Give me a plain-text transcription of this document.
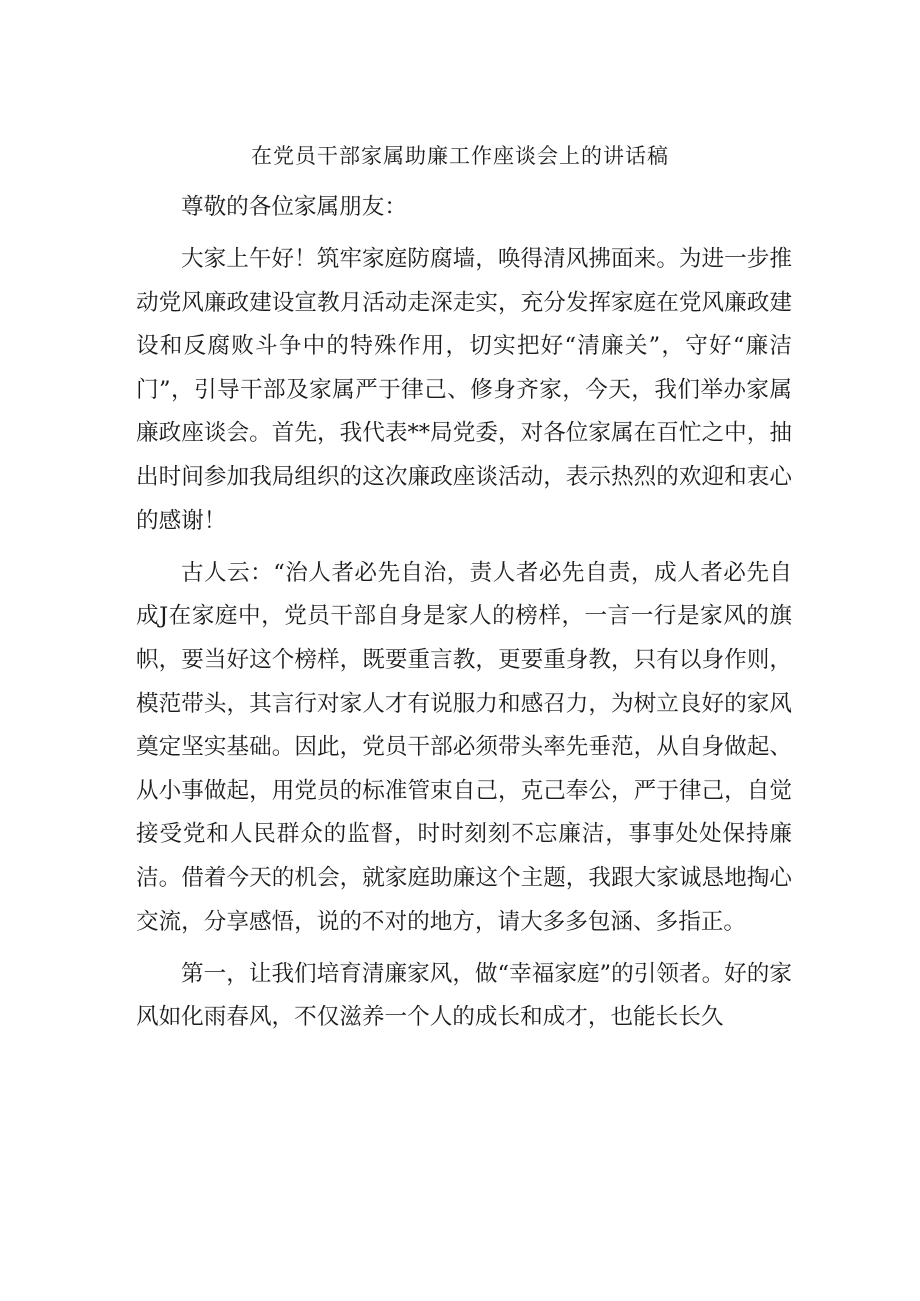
在党员干部家属助廉工作座谈会上的讲话稿

尊敬的各位家属朋友：

大家上午好！筑牢家庭防腐墙，唤得清风拂面来。为进一步推动党风廉政建设宣教月活动走深走实，充分发挥家庭在党风廉政建设和反腐败斗争中的特殊作用，切实把好“清廉关”，守好“廉洁门”，引导干部及家属严于律己、修身齐家，今天，我们举办家属廉政座谈会。首先，我代表**局党委，对各位家属在百忙之中，抽出时间参加我局组织的这次廉政座谈活动，表示热烈的欢迎和衷心的感谢！

古人云：“治人者必先自治，责人者必先自责，成人者必先自成J在家庭中，党员干部自身是家人的榜样，一言一行是家风的旗帜，要当好这个榜样，既要重言教，更要重身教，只有以身作则，模范带头，其言行对家人才有说服力和感召力，为树立良好的家风奠定坚实基础。因此，党员干部必须带头率先垂范，从自身做起、从小事做起，用党员的标准管束自己，克己奉公，严于律己，自觉接受党和人民群众的监督，时时刻刻不忘廉洁，事事处处保持廉洁。借着今天的机会，就家庭助廉这个主题，我跟大家诚恳地掏心交流，分享感悟，说的不对的地方，请大多多包涵、多指正。

第一，让我们培育清廉家风，做“幸福家庭”的引领者。好的家风如化雨春风，不仅滋养一个人的成长和成才，也能长长久
